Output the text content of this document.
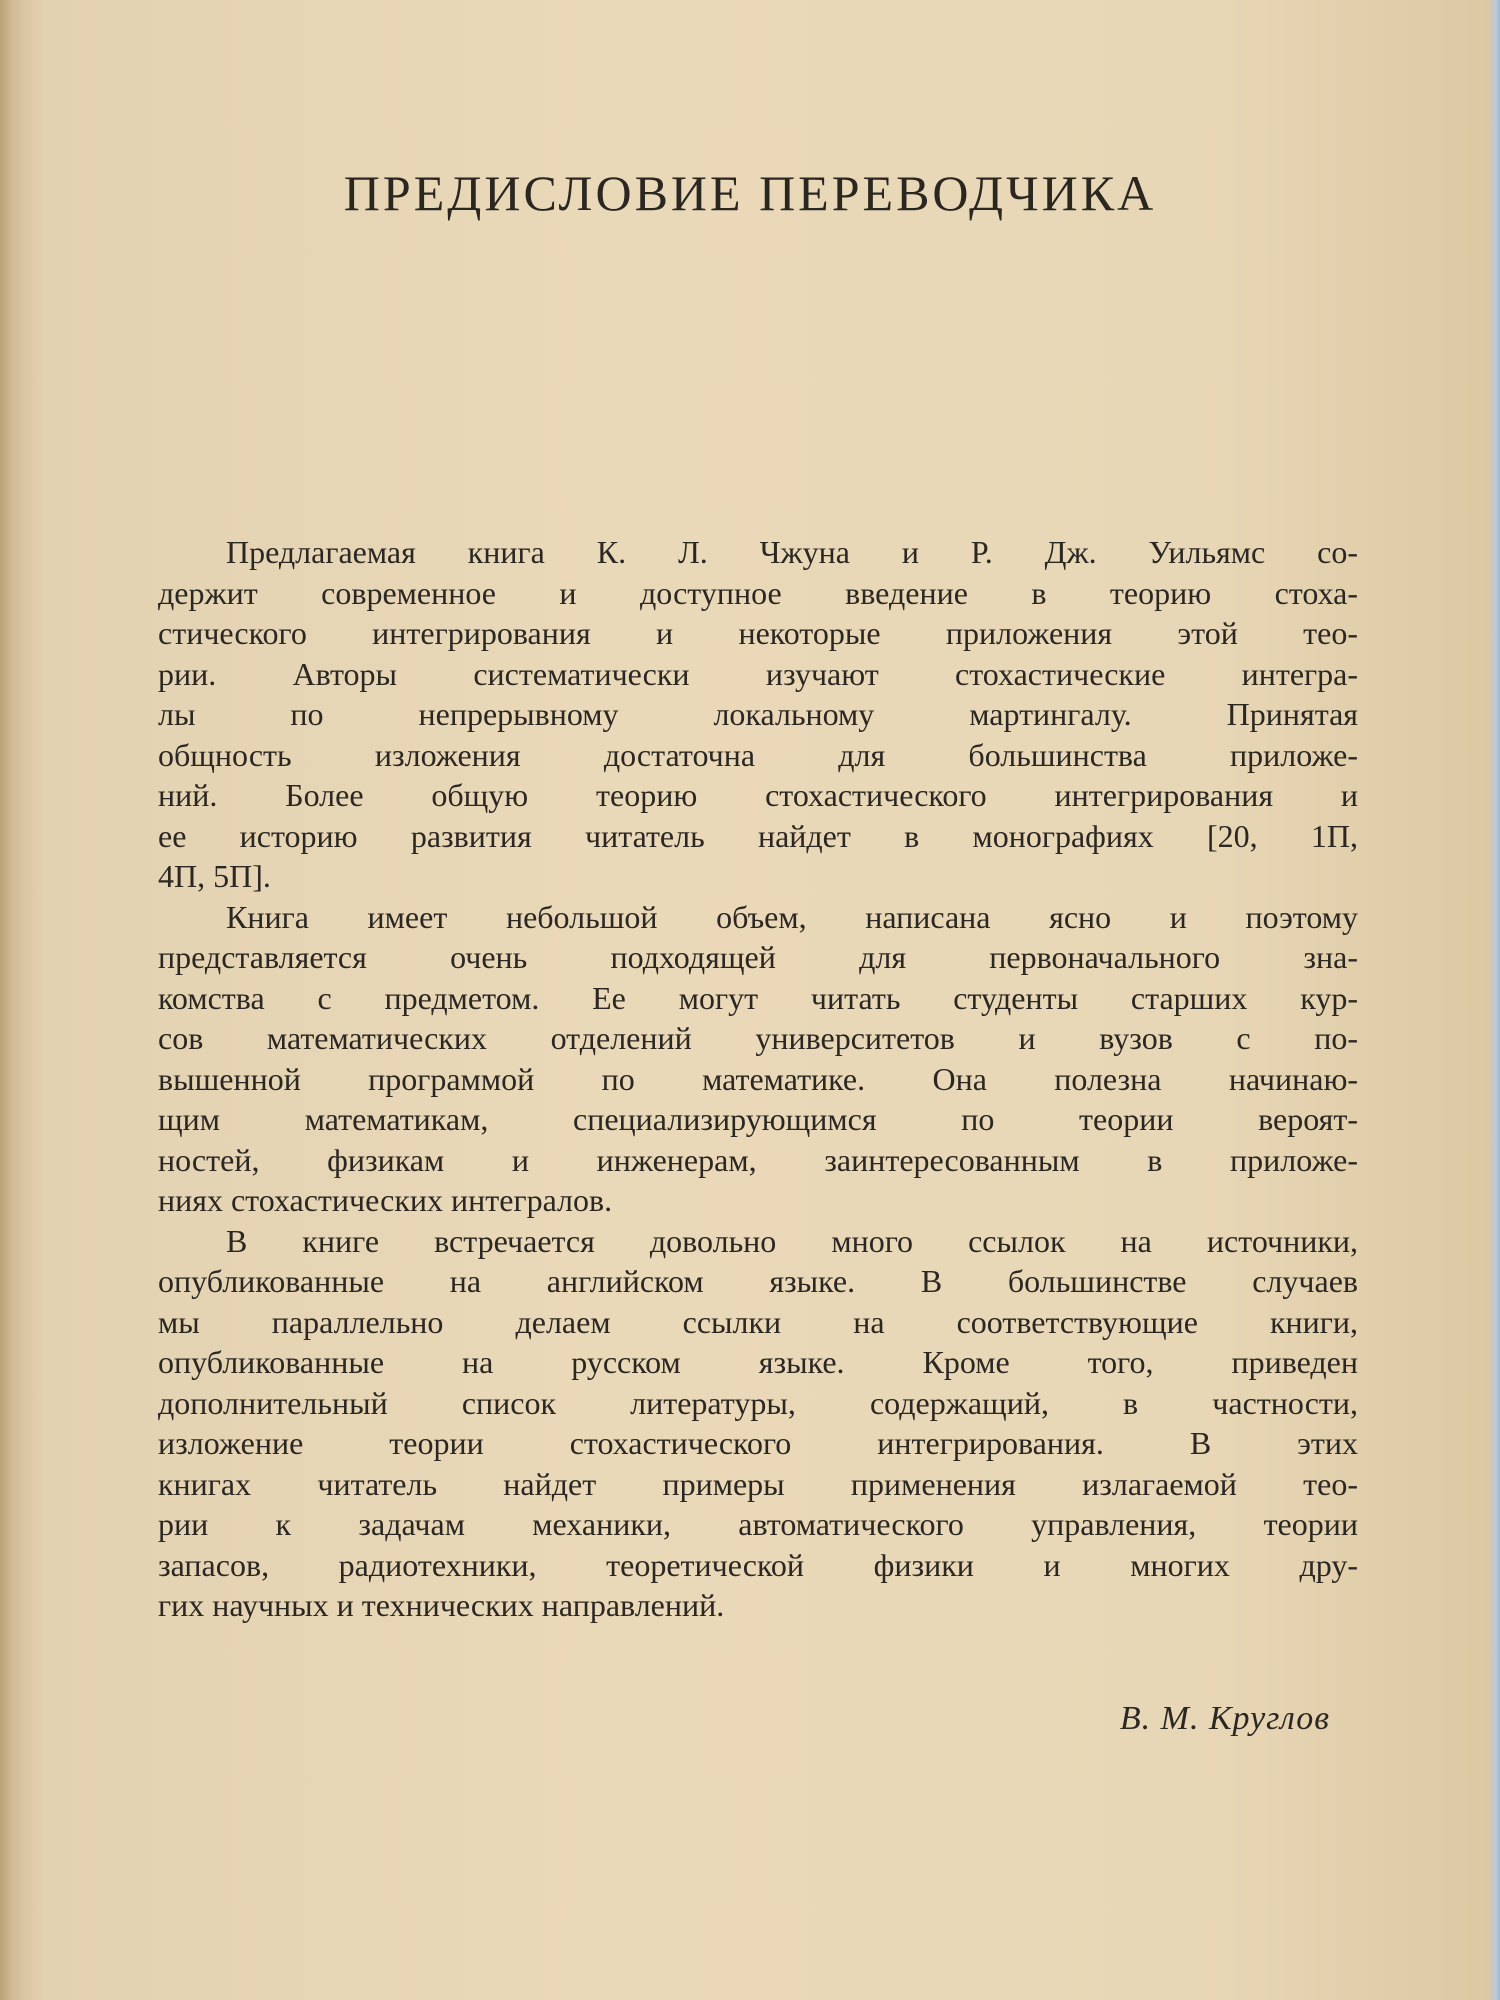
ПРЕДИСЛОВИЕ ПЕРЕВОДЧИКА

Предлагаемая книга К. Л. Чжуна и Р. Дж. Уильямс со-
держит современное и доступное введение в теорию стоха-
стического интегрирования и некоторые приложения этой тео-
рии. Авторы систематически изучают стохастические интегра-
лы по непрерывному локальному мартингалу. Принятая
общность изложения достаточна для большинства приложе-
ний. Более общую теорию стохастического интегрирования и
ее историю развития читатель найдет в монографиях [20, 1П,
4П, 5П].

Книга имеет небольшой объем, написана ясно и поэтому
представляется очень подходящей для первоначального зна-
комства с предметом. Ее могут читать студенты старших кур-
сов математических отделений университетов и вузов с по-
вышенной программой по математике. Она полезна начинаю-
щим математикам, специализирующимся по теории вероят-
ностей, физикам и инженерам, заинтересованным в приложе-
ниях стохастических интегралов.

В книге встречается довольно много ссылок на источники,
опубликованные на английском языке. В большинстве случаев
мы параллельно делаем ссылки на соответствующие книги,
опубликованные на русском языке. Кроме того, приведен
дополнительный список литературы, содержащий, в частности,
изложение теории стохастического интегрирования. В этих
книгах читатель найдет примеры применения излагаемой тео-
рии к задачам механики, автоматического управления, теории
запасов, радиотехники, теоретической физики и многих дру-
гих научных и технических направлений.

В. М. Круглов
